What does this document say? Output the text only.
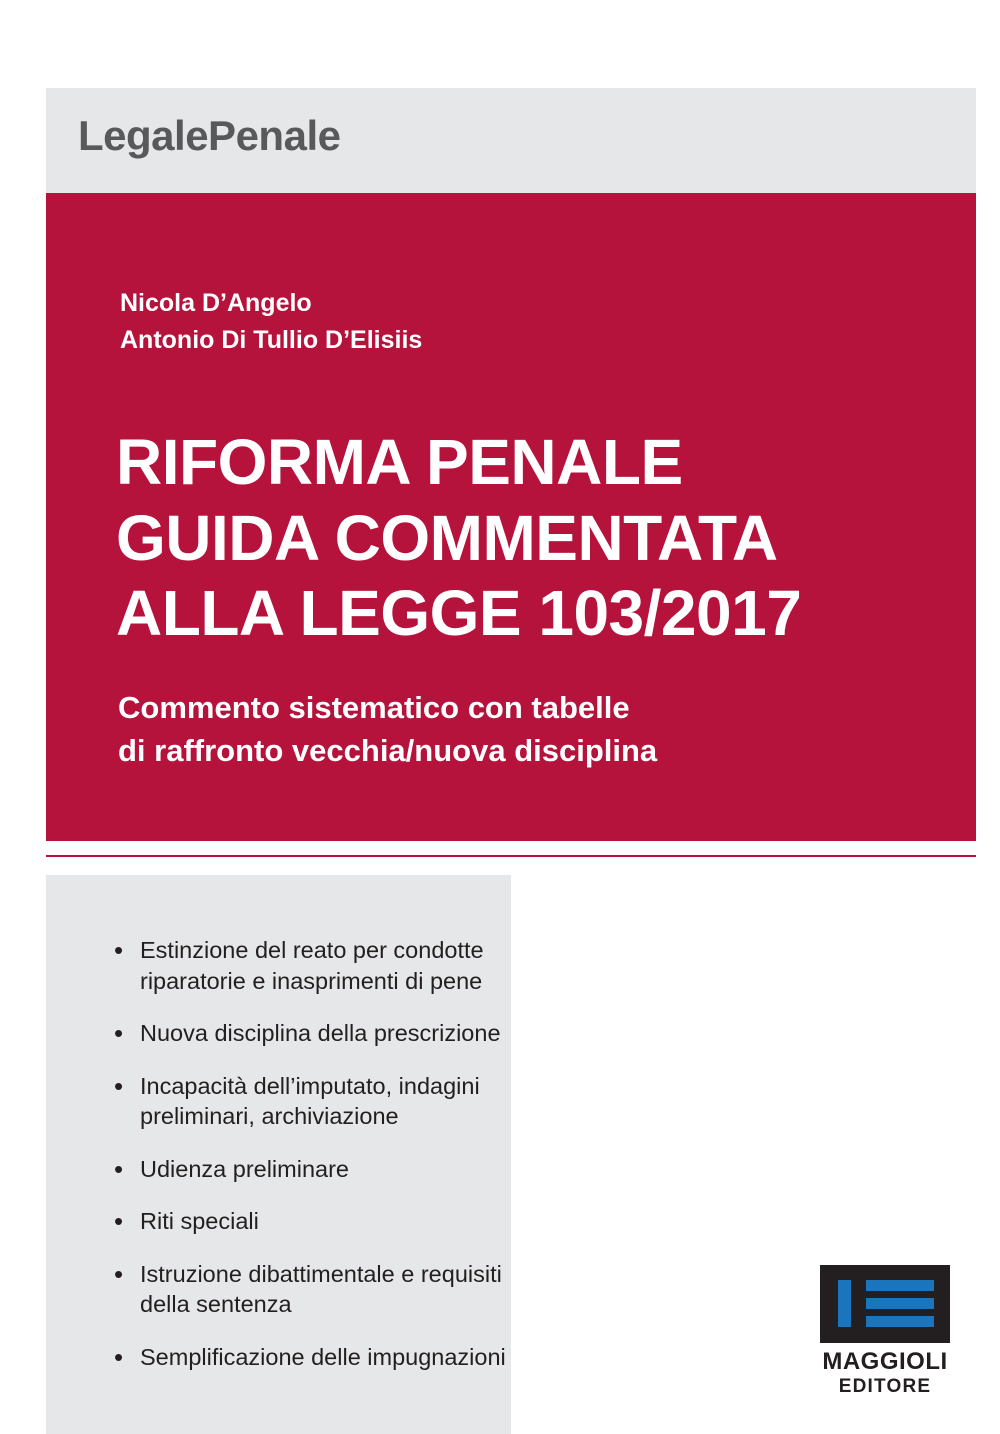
LegalePenale
Nicola D’Angelo
Antonio Di Tullio D’Elisiis
RIFORMA PENALE
GUIDA COMMENTATA
ALLA LEGGE 103/2017
Commento sistematico con tabelle
di raffronto vecchia/nuova disciplina
• Estinzione del reato per condotte riparatorie e inasprimenti di pene
• Nuova disciplina della prescrizione
• Incapacità dell’imputato, indagini preliminari, archiviazione
• Udienza preliminare
• Riti speciali
• Istruzione dibattimentale e requisiti della sentenza
• Semplificazione delle impugnazioni	MAGGIOLI
EDITORE
